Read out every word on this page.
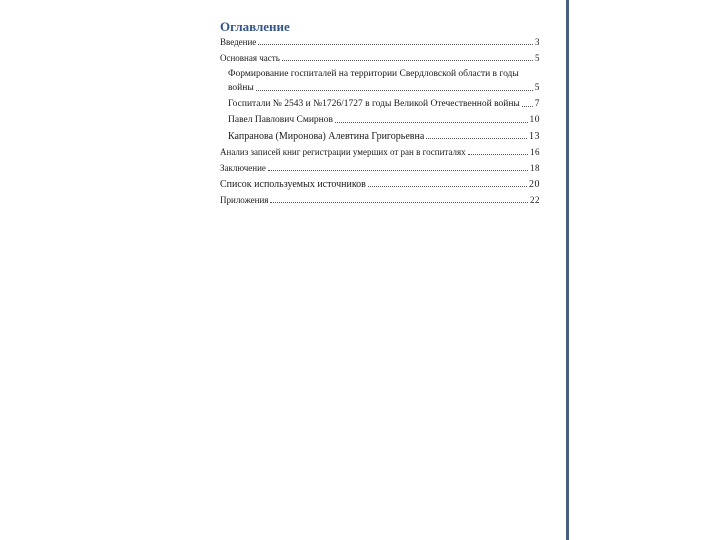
Оглавление
Введение	3
Основная часть	5
Формирование госпиталей на территории Свердловской области в годы
войны	5
Госпитали № 2543 и №1726/1727 в годы Великой Отечественной войны 7
Павел Павлович Смирнов	10
Капранова (Миронова) Алевтина Григорьевна	13
Анализ записей книг регистрации умерших от ран в госпиталях	16
Заключение	18
Список используемых источников	20
Приложения	22
